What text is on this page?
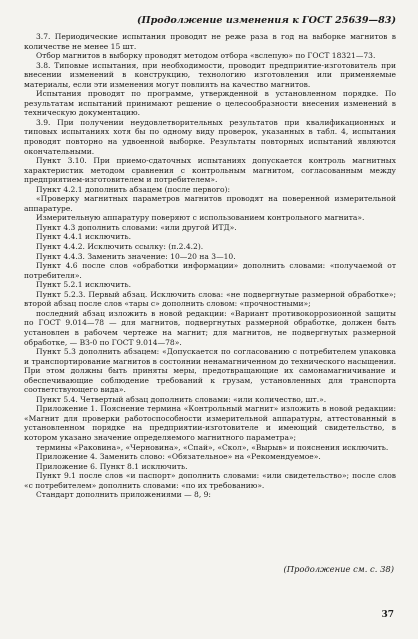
(Продолжение изменения к ГОСТ 25639—83)

3.7. Периодические испытания проводят не реже раза в год на выборке магнитов в количестве не менее 15 шт.

Отбор магнитов в выборку проводят методом отбора «вслепую» по ГОСТ 18321—73.

3.8. Типовые испытания, при необходимости, проводит предприятие-изготовитель при внесении изменений в конструкцию, технологию изготовления или применяемые материалы, если эти изменения могут повлиять на качество магнитов.

Испытания проводят по программе, утвержденной в установленном порядке. По результатам испытаний принимают решение о целесообразности внесения изменений в техническую документацию.

3.9. При получении неудовлетворительных результатов при квалификационных и типовых испытаниях хотя бы по одному виду проверок, указанных в табл. 4, испытания проводят повторно на удвоенной выборке. Результаты повторных испытаний являются окончательными.

Пункт 3.10. При приемо-сдаточных испытаниях допускается контроль магнитных характеристик методом сравнения с контрольным магнитом, согласованным между предприятием-изготовителем и потребителем».

Пункт 4.2.1 дополнить абзацем (после первого):

«Проверку магнитных параметров магнитов проводят на поверенной измерительной аппаратуре.

Измерительную аппаратуру поверяют с использованием контрольного магнита».

Пункт 4.3 дополнить словами: «или другой ИТД».

Пункт 4.4.1 исключить.

Пункт 4.4.2. Исключить ссылку: (п.2.4.2).

Пункт 4.4.3. Заменить значение: 10—20 на 3—10.

Пункт 4.6 после слов «обработки информации» дополнить словами: «получаемой от потребителя».

Пункт 5.2.1 исключить.

Пункт 5.2.3. Первый абзац. Исключить слова: «не подвергнутые размерной обработке»; второй абзац после слов «тары с» дополнить словом: «прочностными»;

последний абзац изложить в новой редакции: «Вариант противокоррозионной защиты по ГОСТ 9.014—78 — для магнитов, подвергнутых размерной обработке, должен быть установлен в рабочем чертеже на магнит; для магнитов, не подвергнутых размерной обработке, — ВЗ-0 по ГОСТ 9.014—78».

Пункт 5.3 дополнить абзацем: «Допускается по согласованию с потребителем упаковка и транспортирование магнитов в состоянии ненамагниченном до технического насыщения. При этом должны быть приняты меры, предотвращающие их самонамагничивание и обеспечивающие соблюдение требований к грузам, установленных для транспорта соответствующего вида».

Пункт 5.4. Четвертый абзац дополнить словами: «или количество, шт.».

Приложение 1. Пояснение термина «Контрольный магнит» изложить в новой редакции: «Магнит для проверки работоспособности измерительной аппаратуры, аттестованный в установленном порядке на предприятии-изготовителе и имеющий свидетельство, в котором указано значение определяемого магнитного параметра»;

термины «Раковина», «Черновина», «Спай», «Скол», «Вырыв» и пояснения исключить.

Приложение 4. Заменить слово: «Обязательное» на «Рекомендуемое».

Приложение 6. Пункт 8.1 исключить.

Пункт 9.1 после слов «и паспорт» дополнить словами: «или свидетельство»; после слов «с потребителем» дополнить словами: «по их требованию».

Стандарт дополнить приложениями — 8, 9:

(Продолжение см. с. 38)
37
